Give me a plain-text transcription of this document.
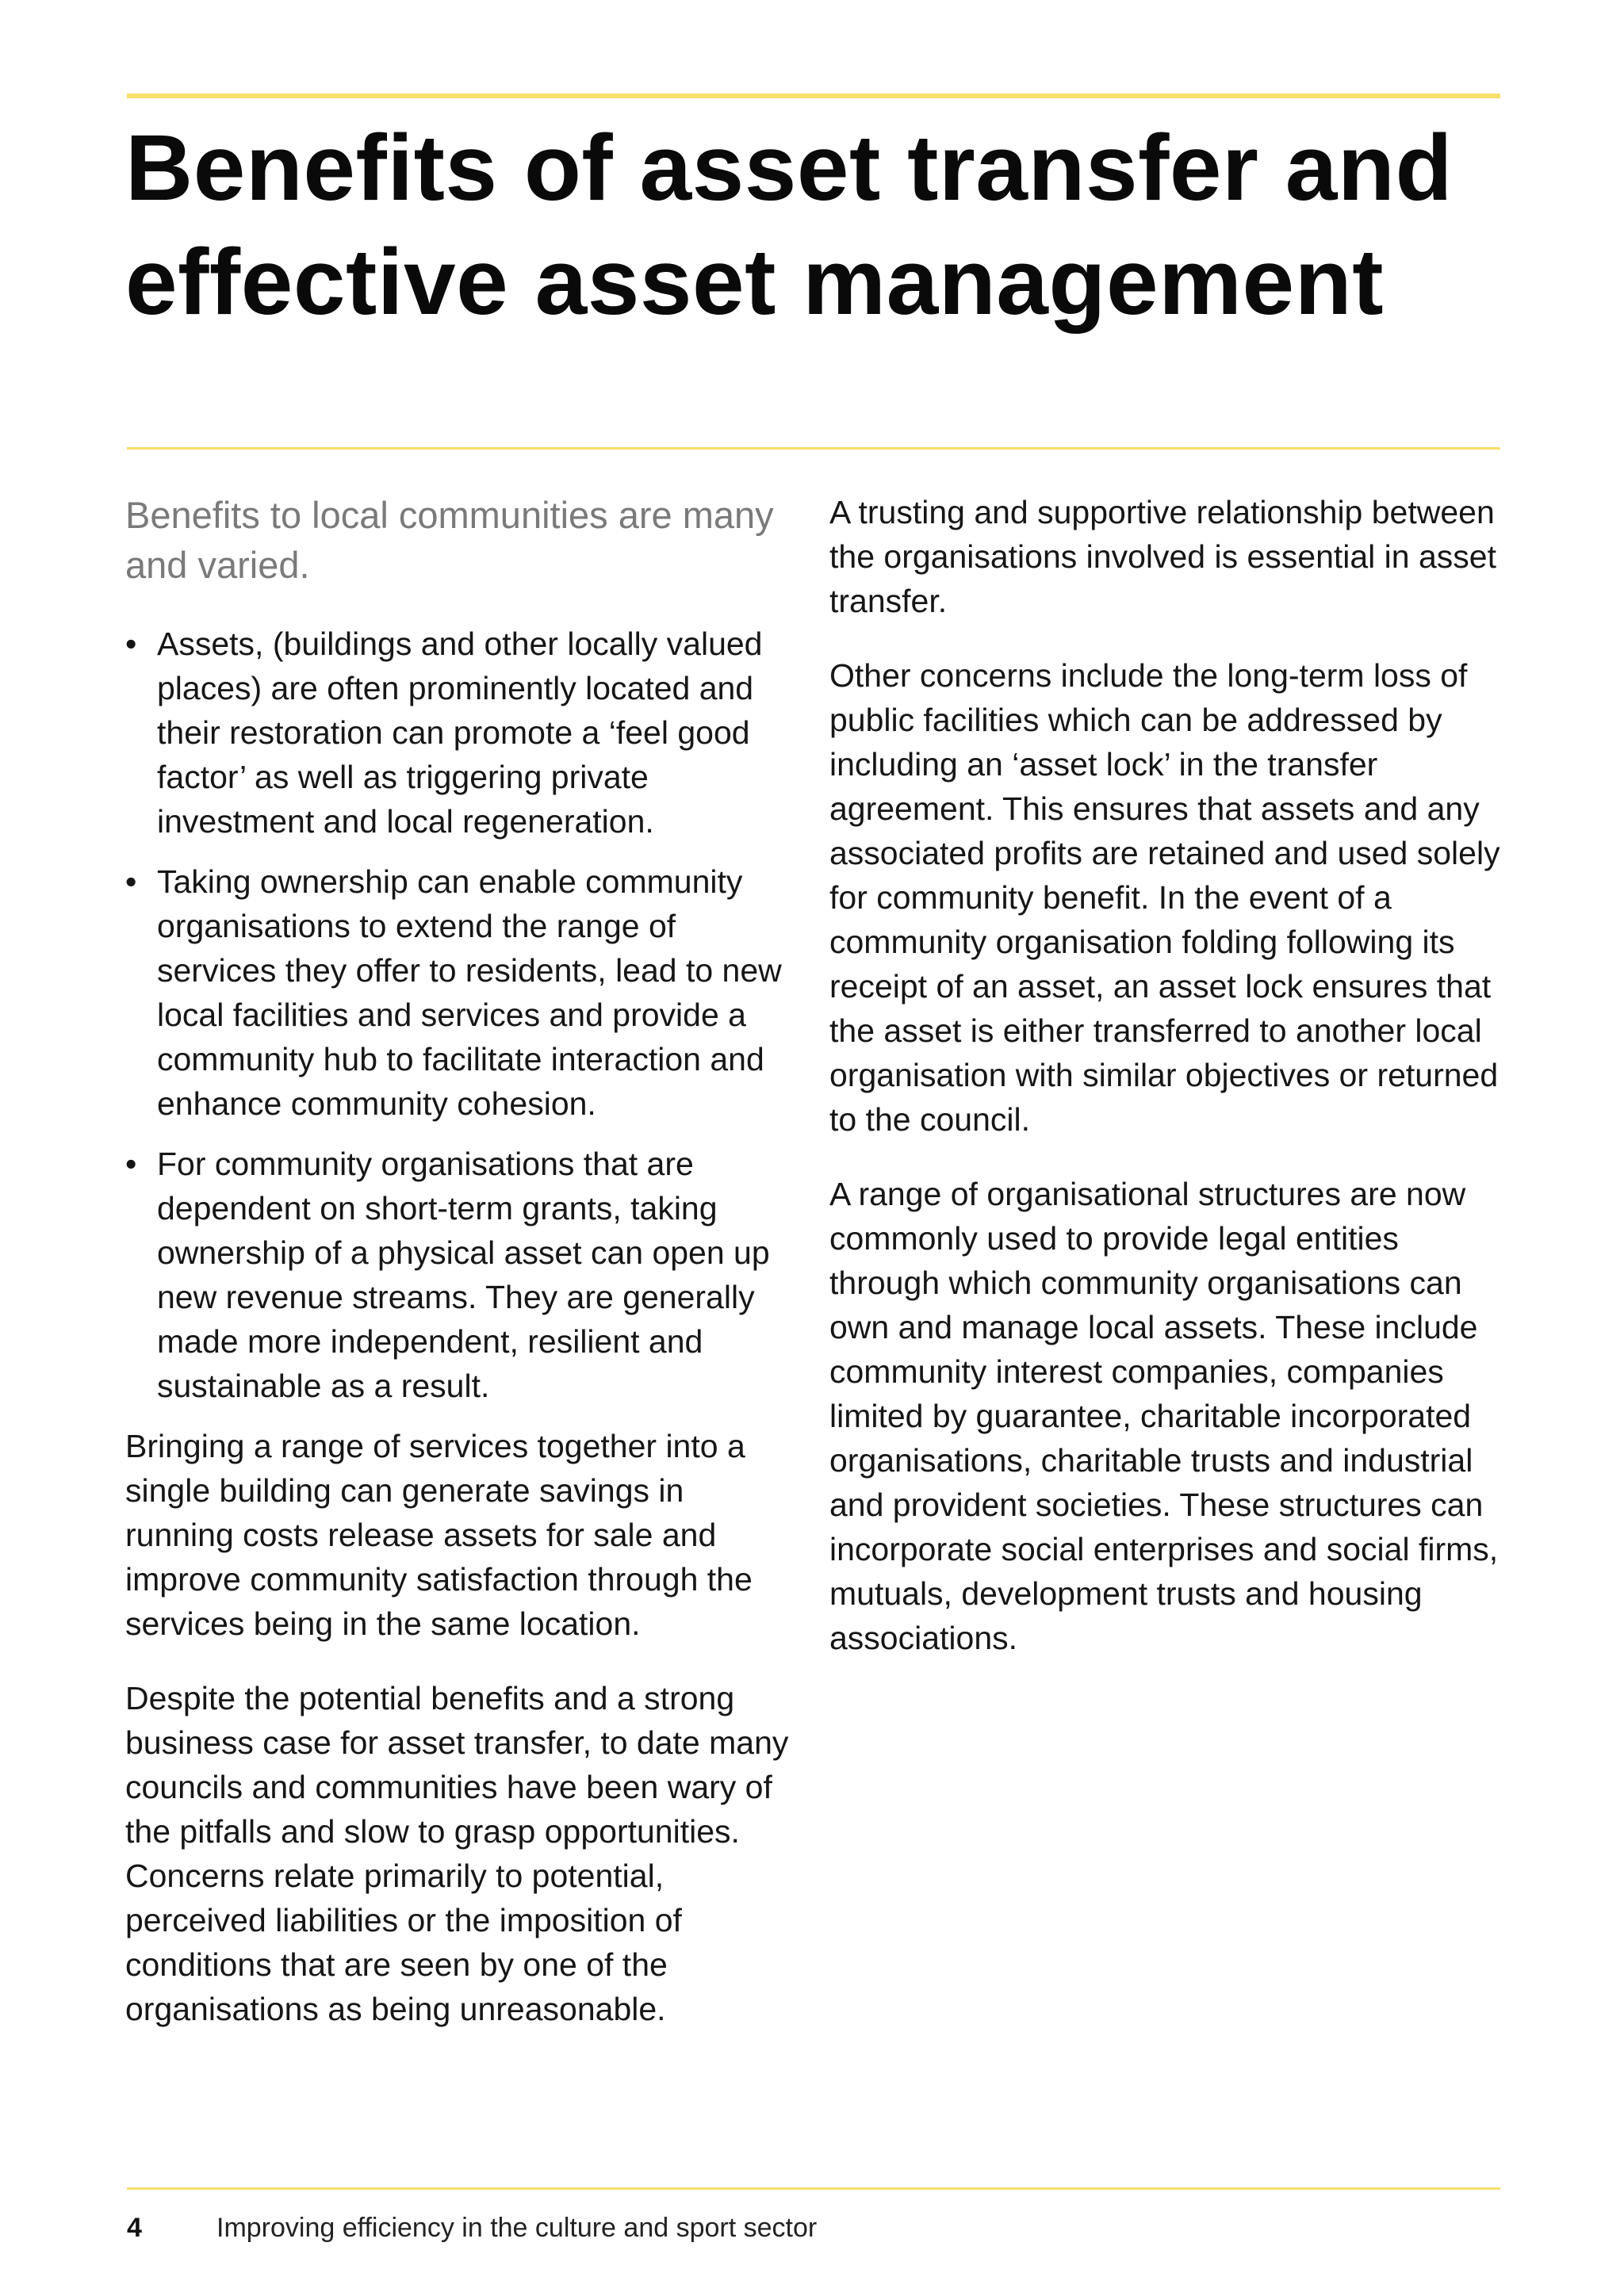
Benefits of asset transfer and effective asset management

Benefits to local communities are many and varied.

• Assets, (buildings and other locally valued places) are often prominently located and their restoration can promote a ‘feel good factor’ as well as triggering private investment and local regeneration.
• Taking ownership can enable community organisations to extend the range of services they offer to residents, lead to new local facilities and services and provide a community hub to facilitate interaction and enhance community cohesion.
• For community organisations that are dependent on short-term grants, taking ownership of a physical asset can open up new revenue streams. They are generally made more independent, resilient and sustainable as a result.

Bringing a range of services together into a single building can generate savings in running costs release assets for sale and improve community satisfaction through the services being in the same location.

Despite the potential benefits and a strong business case for asset transfer, to date many councils and communities have been wary of the pitfalls and slow to grasp opportunities. Concerns relate primarily to potential, perceived liabilities or the imposition of conditions that are seen by one of the organisations as being unreasonable.

A trusting and supportive relationship between the organisations involved is essential in asset transfer.

Other concerns include the long-term loss of public facilities which can be addressed by including an ‘asset lock’ in the transfer agreement. This ensures that assets and any associated profits are retained and used solely for community benefit. In the event of a community organisation folding following its receipt of an asset, an asset lock ensures that the asset is either transferred to another local organisation with similar objectives or returned to the council.

A range of organisational structures are now commonly used to provide legal entities through which community organisations can own and manage local assets. These include community interest companies, companies limited by guarantee, charitable incorporated organisations, charitable trusts and industrial and provident societies. These structures can incorporate social enterprises and social firms, mutuals, development trusts and housing associations.

4	Improving efficiency in the culture and sport sector
